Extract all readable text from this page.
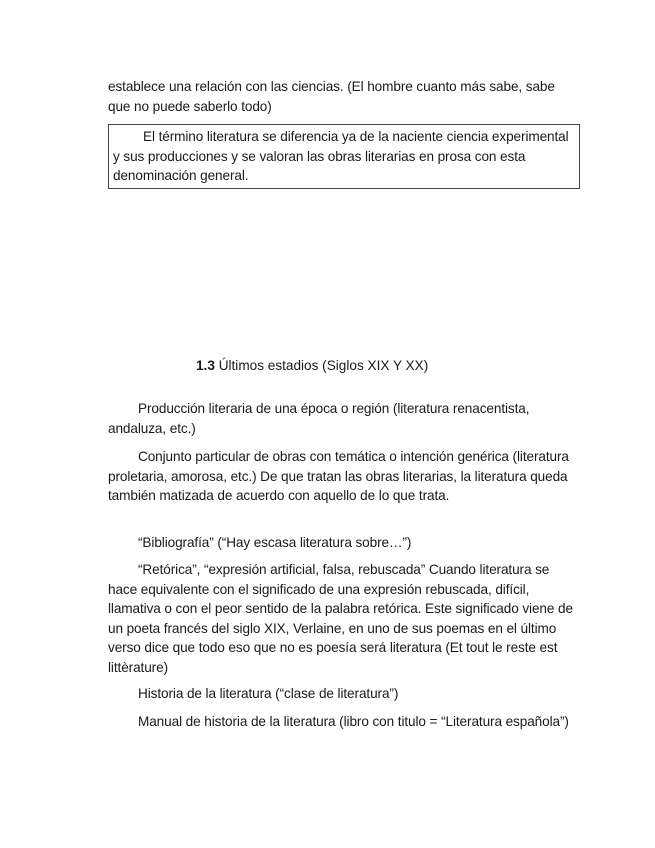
establece una relación con las ciencias. (El hombre cuanto más sabe, sabe que no puede saberlo todo)

El término literatura se diferencia ya de la naciente ciencia experimental y sus producciones y se valoran las obras literarias en prosa con esta denominación general.

1.3 Últimos estadios (Siglos XIX Y XX)

Producción literaria de una época o región (literatura renacentista, andaluza, etc.)

Conjunto particular de obras con temática o intención genérica (literatura proletaria, amorosa, etc.) De que tratan las obras literarias, la literatura queda también matizada de acuerdo con aquello de lo que trata.

“Bibliografía” (“Hay escasa literatura sobre…”)

“Retórica”, “expresión artificial, falsa, rebuscada” Cuando literatura se hace equivalente con el significado de una expresión rebuscada, difícil, llamativa o con el peor sentido de la palabra retórica. Este significado viene de un poeta francés del siglo XIX, Verlaine, en uno de sus poemas en el último verso dice que todo eso que no es poesía será literatura (Et tout le reste est littèrature)

Historia de la literatura (“clase de literatura”)

Manual de historia de la literatura (libro con titulo = “Literatura española”)
